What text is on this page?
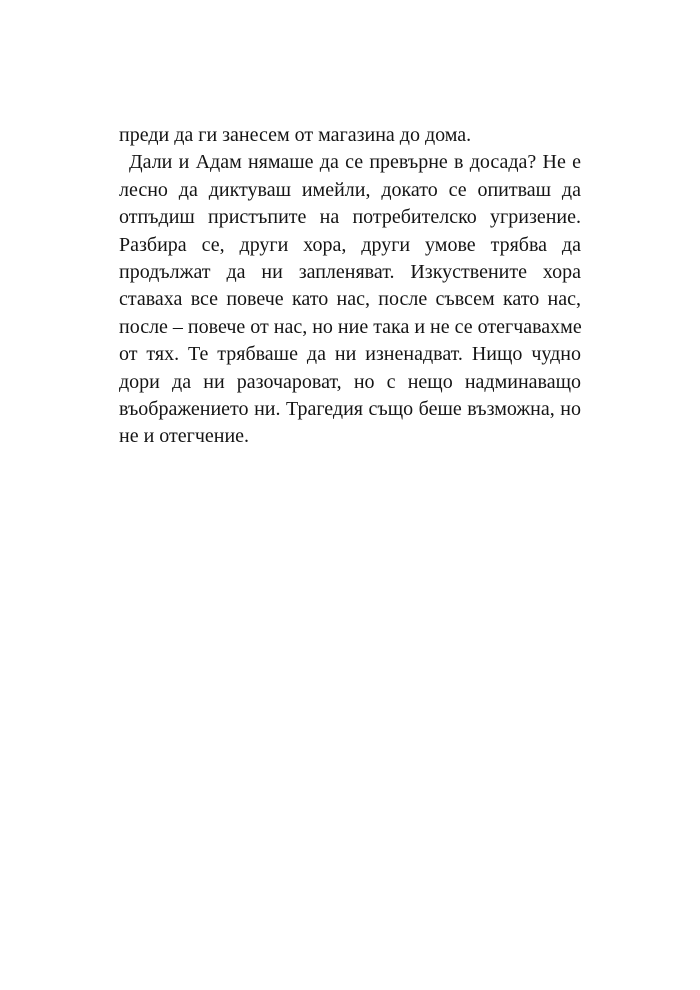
преди да ги занесем от магазина до дома.
Дали и Адам нямаше да се превърне в досада? Не е
лесно да диктуваш имейли, докато се опитваш да
отпъдиш пристъпите на потребителско угризение.
Разбира се, други хора, други умове трябва да
продължат да ни запленяват. Изкуствените хора
ставаха все повече като нас, после съвсем като нас,
после – повече от нас, но ние така и не се отегчавахме
от тях. Те трябваше да ни изненадват. Нищо чудно
дори да ни разочароват, но с нещо надминаващо
въображението ни. Трагедия също беше възможна, но
не и отегчение.
